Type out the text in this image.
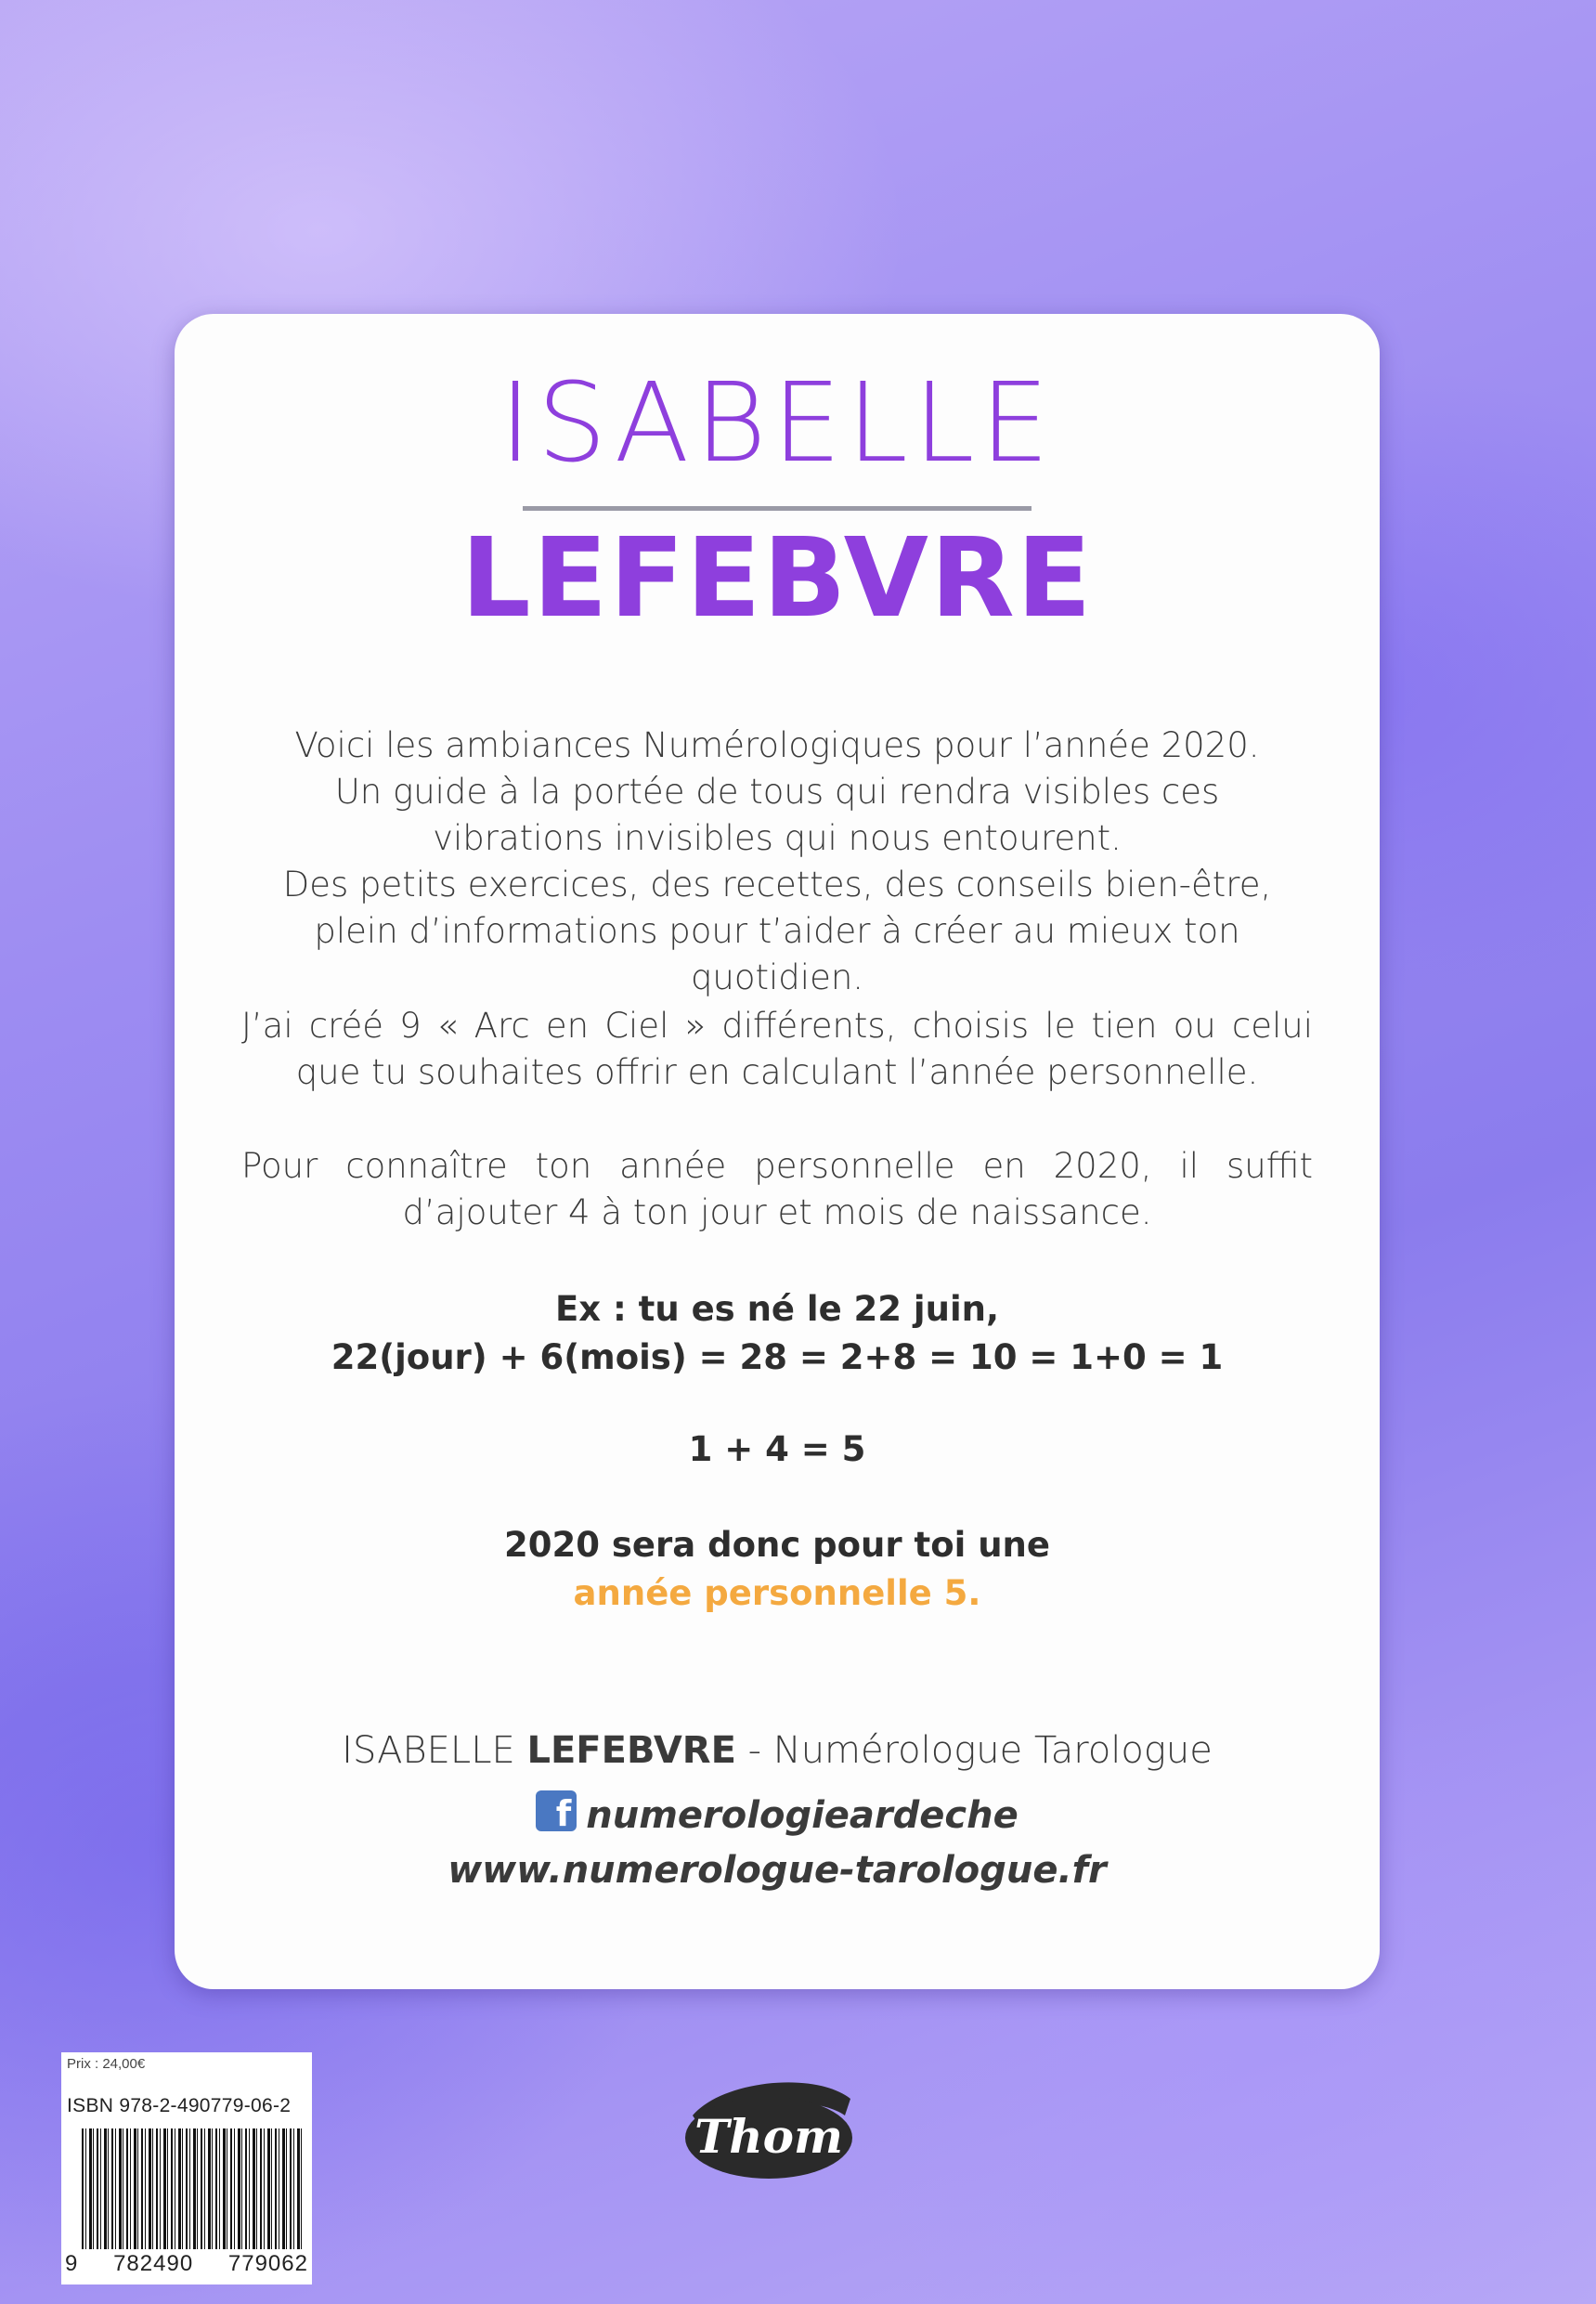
ISABELLE
LEFEBVRE

Voici les ambiances Numérologiques pour l’année 2020.

Un guide à la portée de tous qui rendra visibles ces vibrations invisibles qui nous entourent.

Des petits exercices, des recettes, des conseils bien-être, plein d’informations pour t’aider à créer au mieux ton quotidien.

J’ai créé 9 « Arc en Ciel » différents, choisis le tien ou celui que tu souhaites offrir en calculant l’année personnelle.
Pour connaître ton année personnelle en 2020, il suffit d’ajouter 4 à ton jour et mois de naissance.
Ex : tu es né le 22 juin,
22(jour) + 6(mois) = 28 = 2+8 = 10 = 1+0 = 1
1 + 4 = 5
2020 sera donc pour toi une
année personnelle 5.
ISABELLE LEFEBVRE - Numérologue Tarologue
f numerologieardeche
www.numerologue-tarologue.fr
Prix : 24,00€
ISBN 978-2-490779-06-2
9 782490 779062
Thom
